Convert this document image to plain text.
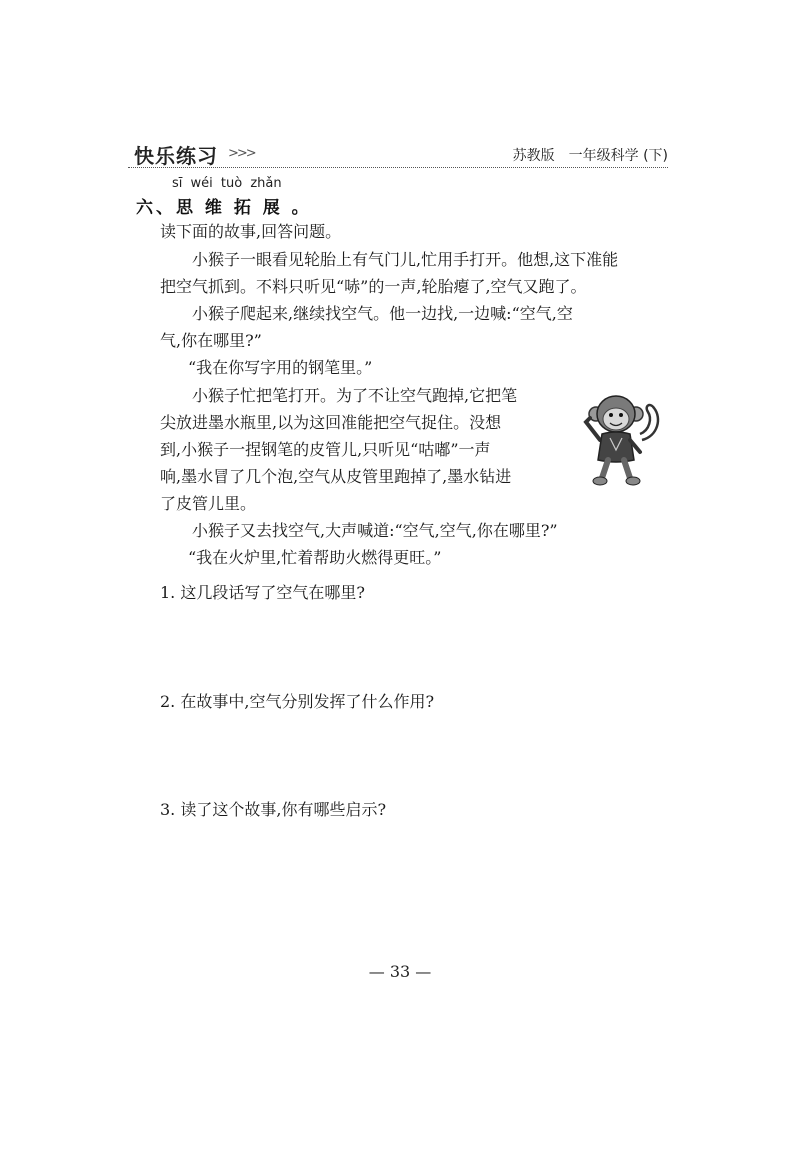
快乐练习 >>>	苏教版 一年级科学 (下)
sī wéi tuò zhǎn
六、思 维 拓 展 。
读下面的故事,回答问题。
小猴子一眼看见轮胎上有气门儿,忙用手打开。他想,这下准能
把空气抓到。不料只听见“哧”的一声,轮胎瘪了,空气又跑了。
小猴子爬起来,继续找空气。他一边找,一边喊:“空气,空
气,你在哪里?”
“我在你写字用的钢笔里。”
小猴子忙把笔打开。为了不让空气跑掉,它把笔
尖放进墨水瓶里,以为这回准能把空气捉住。没想
到,小猴子一捏钢笔的皮管儿,只听见“咕嘟”一声
响,墨水冒了几个泡,空气从皮管里跑掉了,墨水钻进
了皮管儿里。
小猴子又去找空气,大声喊道:“空气,空气,你在哪里?”
“我在火炉里,忙着帮助火燃得更旺。”
1. 这几段话写了空气在哪里?
2. 在故事中,空气分别发挥了什么作用?
3. 读了这个故事,你有哪些启示?
— 33 —
